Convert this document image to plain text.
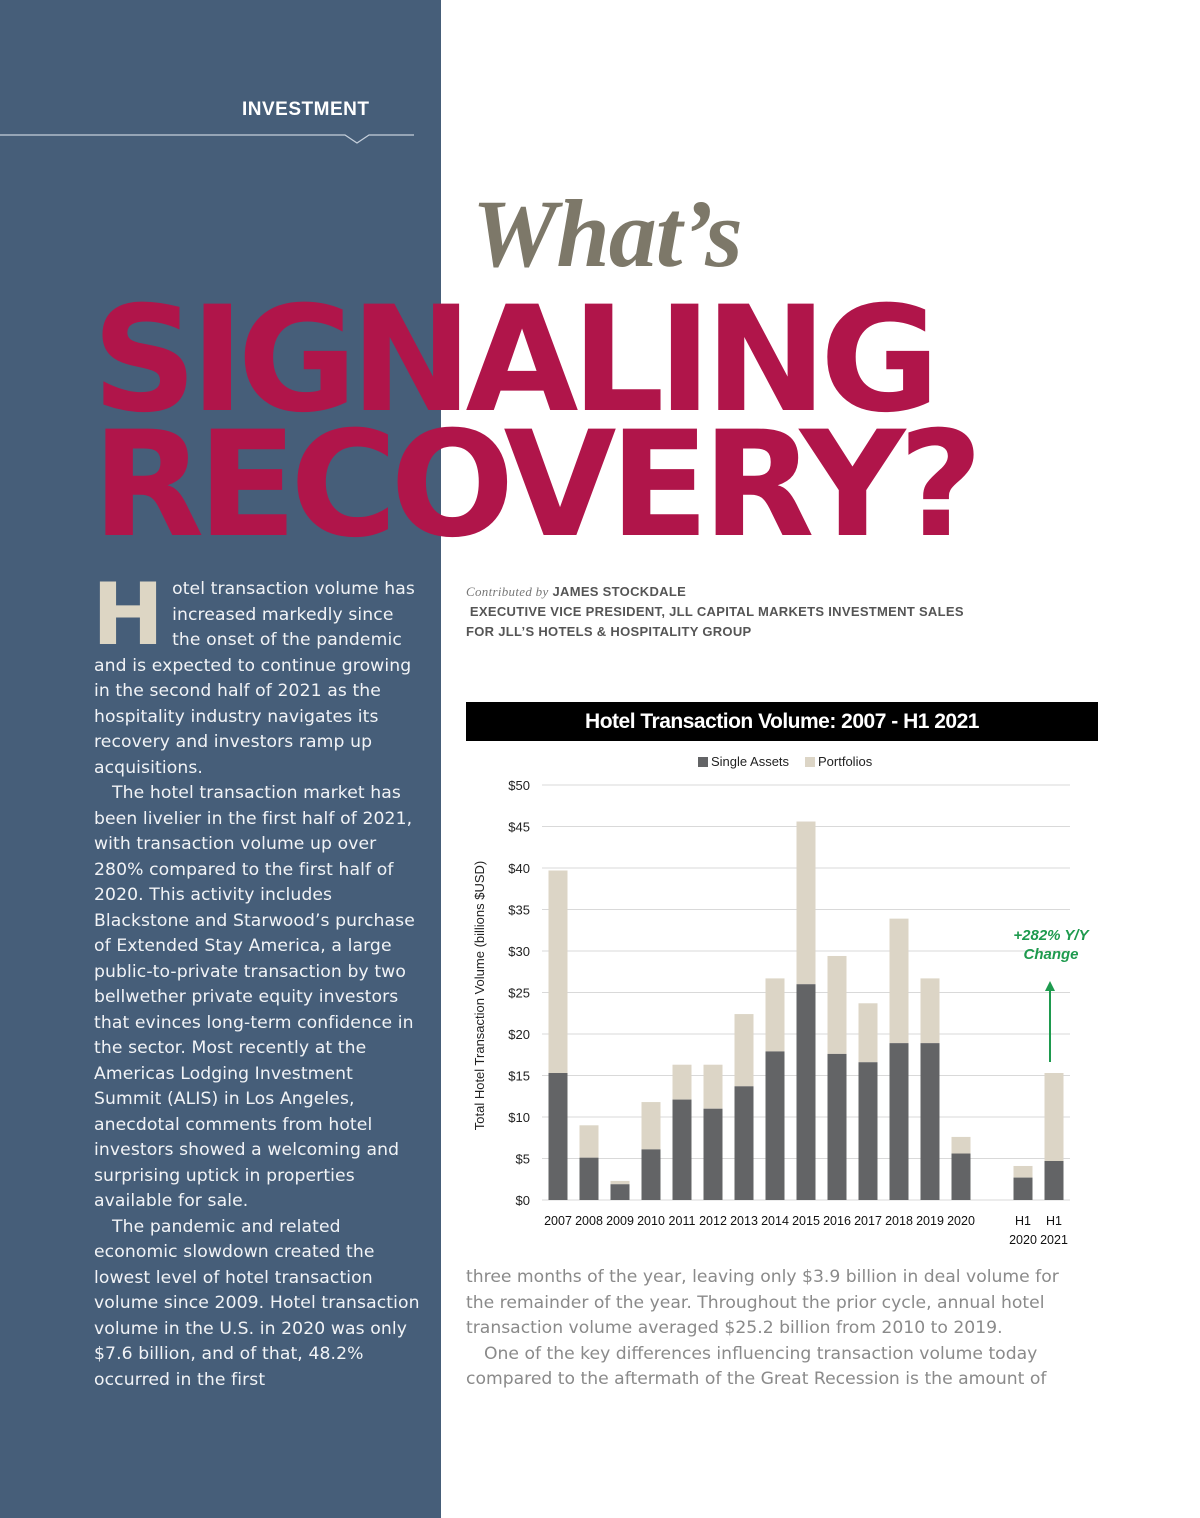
INVESTMENT
What’s
SIGNALING
RECOVERY?

Hotel transaction volume has increased markedly since the onset of the pandemic and is expected to continue growing in the second half of 2021 as the hospitality industry navigates its recovery and investors ramp up acquisitions.

The hotel transaction market has been livelier in the first half of 2021, with transaction volume up over 280% compared to the first half of 2020. This activity includes Blackstone and Starwood’s purchase of Extended Stay America, a large public-to-private transaction by two bellwether private equity investors that evinces long-term confidence in the sector. Most recently at the Americas Lodging Investment Summit (ALIS) in Los Angeles, anecdotal comments from hotel investors showed a welcoming and surprising uptick in properties available for sale.

The pandemic and related economic slowdown created the lowest level of hotel transaction volume since 2009. Hotel transaction volume in the U.S. in 2020 was only $7.6 billion, and of that, 48.2% occurred in the first

Contributed by JAMES STOCKDALE
EXECUTIVE VICE PRESIDENT, JLL CAPITAL MARKETS INVESTMENT SALES
FOR JLL’S HOTELS & HOSPITALITY GROUP
Hotel Transaction Volume: 2007 - H1 2021
$0
$5
$10
$15
$20
$25
$30
$35
$40
$45
$50
Total Hotel Transaction Volume (billions $USD)
Single Assets Portfolios
2007 2008 2009 2010 2011 2012 2013 2014 2015 2016 2017 2018 2019 2020	H1
2020
H1
2021
+282% Y/Y
Change

three months of the year, leaving only $3.9 billion in deal volume for the remainder of the year. Throughout the prior cycle, annual hotel transaction volume averaged $25.2 billion from 2010 to 2019.

One of the key differences influencing transaction volume today compared to the aftermath of the Great Recession is the amount of
